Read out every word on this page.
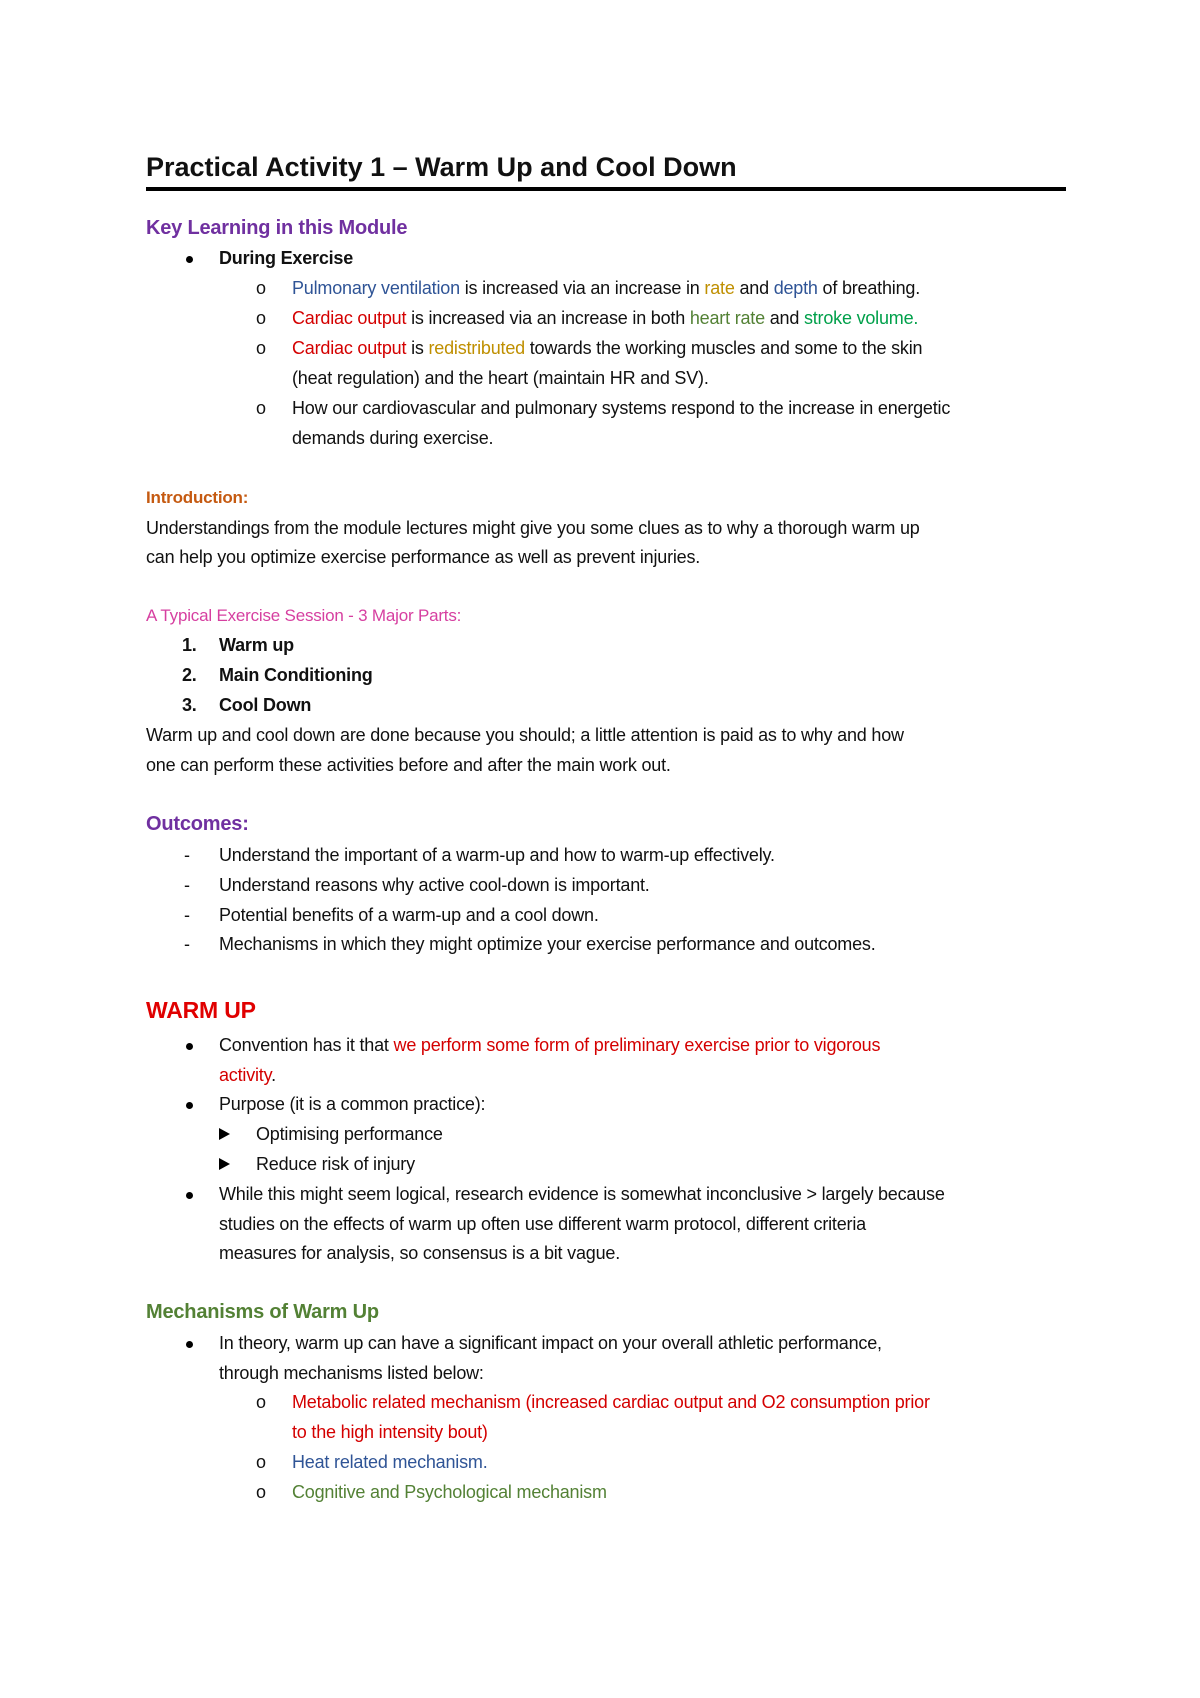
Practical Activity 1 – Warm Up and Cool Down
Key Learning in this Module
During Exercise
o Pulmonary ventilation is increased via an increase in rate and depth of breathing.
o Cardiac output is increased via an increase in both heart rate and stroke volume.
o Cardiac output is redistributed towards the working muscles and some to the skin
(heat regulation) and the heart (maintain HR and SV).
o How our cardiovascular and pulmonary systems respond to the increase in energetic
demands during exercise.
Introduction:
Understandings from the module lectures might give you some clues as to why a thorough warm up
can help you optimize exercise performance as well as prevent injuries.
A Typical Exercise Session - 3 Major Parts:
1. Warm up
2. Main Conditioning
3. Cool Down
Warm up and cool down are done because you should; a little attention is paid as to why and how
one can perform these activities before and after the main work out.
Outcomes:
- Understand the important of a warm-up and how to warm-up effectively.
- Understand reasons why active cool-down is important.
- Potential benefits of a warm-up and a cool down.
- Mechanisms in which they might optimize your exercise performance and outcomes.
WARM UP
Convention has it that we perform some form of preliminary exercise prior to vigorous
activity.
Purpose (it is a common practice):
Optimising performance
Reduce risk of injury
While this might seem logical, research evidence is somewhat inconclusive > largely because
studies on the effects of warm up often use different warm protocol, different criteria
measures for analysis, so consensus is a bit vague.
Mechanisms of Warm Up
In theory, warm up can have a significant impact on your overall athletic performance,
through mechanisms listed below:
o Metabolic related mechanism (increased cardiac output and O2 consumption prior
to the high intensity bout)
o Heat related mechanism.
o Cognitive and Psychological mechanism
